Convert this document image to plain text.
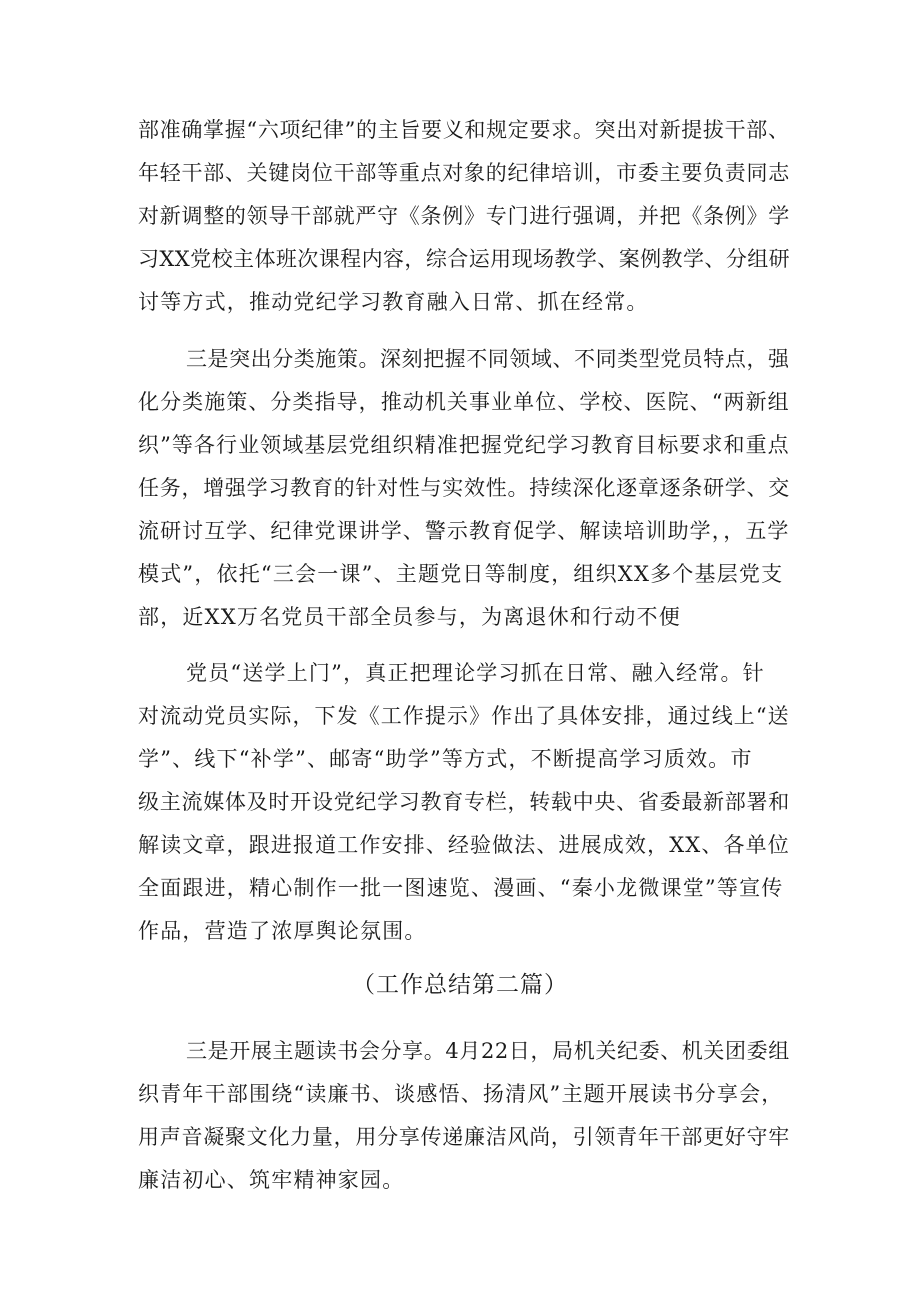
部准确掌握“六项纪律”的主旨要义和规定要求。突出对新提拔干部、
年轻干部、关键岗位干部等重点对象的纪律培训，市委主要负责同志
对新调整的领导干部就严守《条例》专门进行强调，并把《条例》学
习XX党校主体班次课程内容，综合运用现场教学、案例教学、分组研
讨等方式，推动党纪学习教育融入日常、抓在经常。
三是突出分类施策。深刻把握不同领域、不同类型党员特点，强
化分类施策、分类指导，推动机关事业单位、学校、医院、“两新组
织”等各行业领域基层党组织精准把握党纪学习教育目标要求和重点
任务，增强学习教育的针对性与实效性。持续深化逐章逐条研学、交
流研讨互学、纪律党课讲学、警示教育促学、解读培训助学，，五学
模式”，依托“三会一课”、主题党日等制度，组织XX多个基层党支
部，近XX万名党员干部全员参与，为离退休和行动不便
党员“送学上门”，真正把理论学习抓在日常、融入经常。针
对流动党员实际，下发《工作提示》作出了具体安排，通过线上“送
学”、线下“补学”、邮寄“助学”等方式，不断提高学习质效。市
级主流媒体及时开设党纪学习教育专栏，转载中央、省委最新部署和
解读文章，跟进报道工作安排、经验做法、进展成效，XX、各单位
全面跟进，精心制作一批一图速览、漫画、“秦小龙微课堂”等宣传
作品，营造了浓厚舆论氛围。
（工作总结第二篇）
三是开展主题读书会分享。4月22日，局机关纪委、机关团委组
织青年干部围绕“读廉书、谈感悟、扬清风”主题开展读书分享会，
用声音凝聚文化力量，用分享传递廉洁风尚，引领青年干部更好守牢
廉洁初心、筑牢精神家园。
